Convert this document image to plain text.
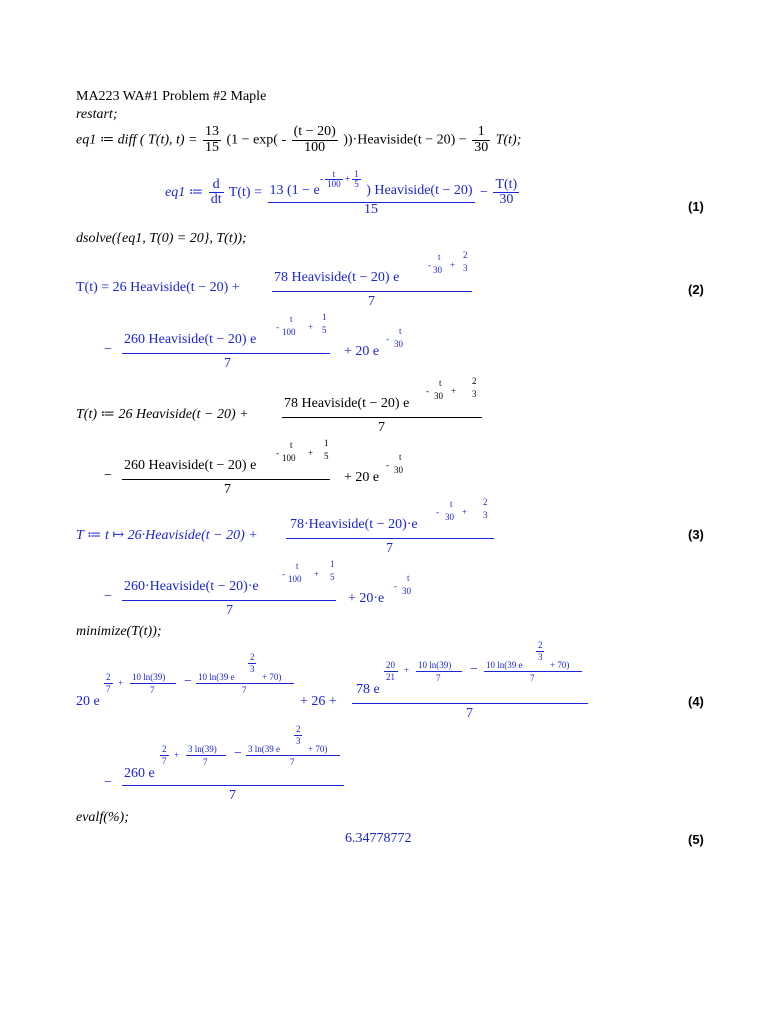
MA223 WA#1 Problem #2 Maple
restart;
eq1 ≔ diff ( T(t), $t) = \frac{13}{15} (1 - \exp( - \frac{(t - 20)}{100}$ ))·Heaviside(t − $20) - \frac{1}{30} T(t)$;
eq1 ≔ $\frac{d}{dt} T(t) = 13$ ($1 - e^{- \frac{t}{100} + \frac{1}{5}}$
) Heaviside(t − 20)
$15 - \frac{T(t)}{30}$	(1)
dsolve({eq1, T(0) = 20}, T(t));
T(t) = 26 Heaviside(t − 20) +
78 Heaviside(t − 20) e
-
t
30 +
2
3
7
−
260 Heaviside(t − 20) e
-
t
100 +
1
5
7
+ 20 e
-
t
30
(2)
T(t) ≔ 26 Heaviside(t − 20) +
78 Heaviside(t − 20) e
-
t
30 +
2
3
7
−
260 Heaviside(t − 20) e
-
t
100 +
1
5
7
+ 20 e
-
t
30
T ≔ t ↦ 26·Heaviside(t − 20) +
78·Heaviside(t − 20)·e
-
t
30 +
2
3
7
−
260·Heaviside(t − 20)·e
-
t
100 +
1
5
7
+ 20·e
-
t
30
(3)
minimize(T(t));
20 e
2
7
+
10 ln(39)
7
− 10 ln(39 e
2
3
+ 70)
7
+ 26 +
78 e
20
21
+ 10 ln(39)
7
− 10 ln(39 e
2
3
+ 70)
7
7
−
260 e
2
7
+
3 ln(39)
7
− 3 ln(39 e
2
3
+ 70)
7
7
(4)
evalf(%);
6.34778772	(5)
